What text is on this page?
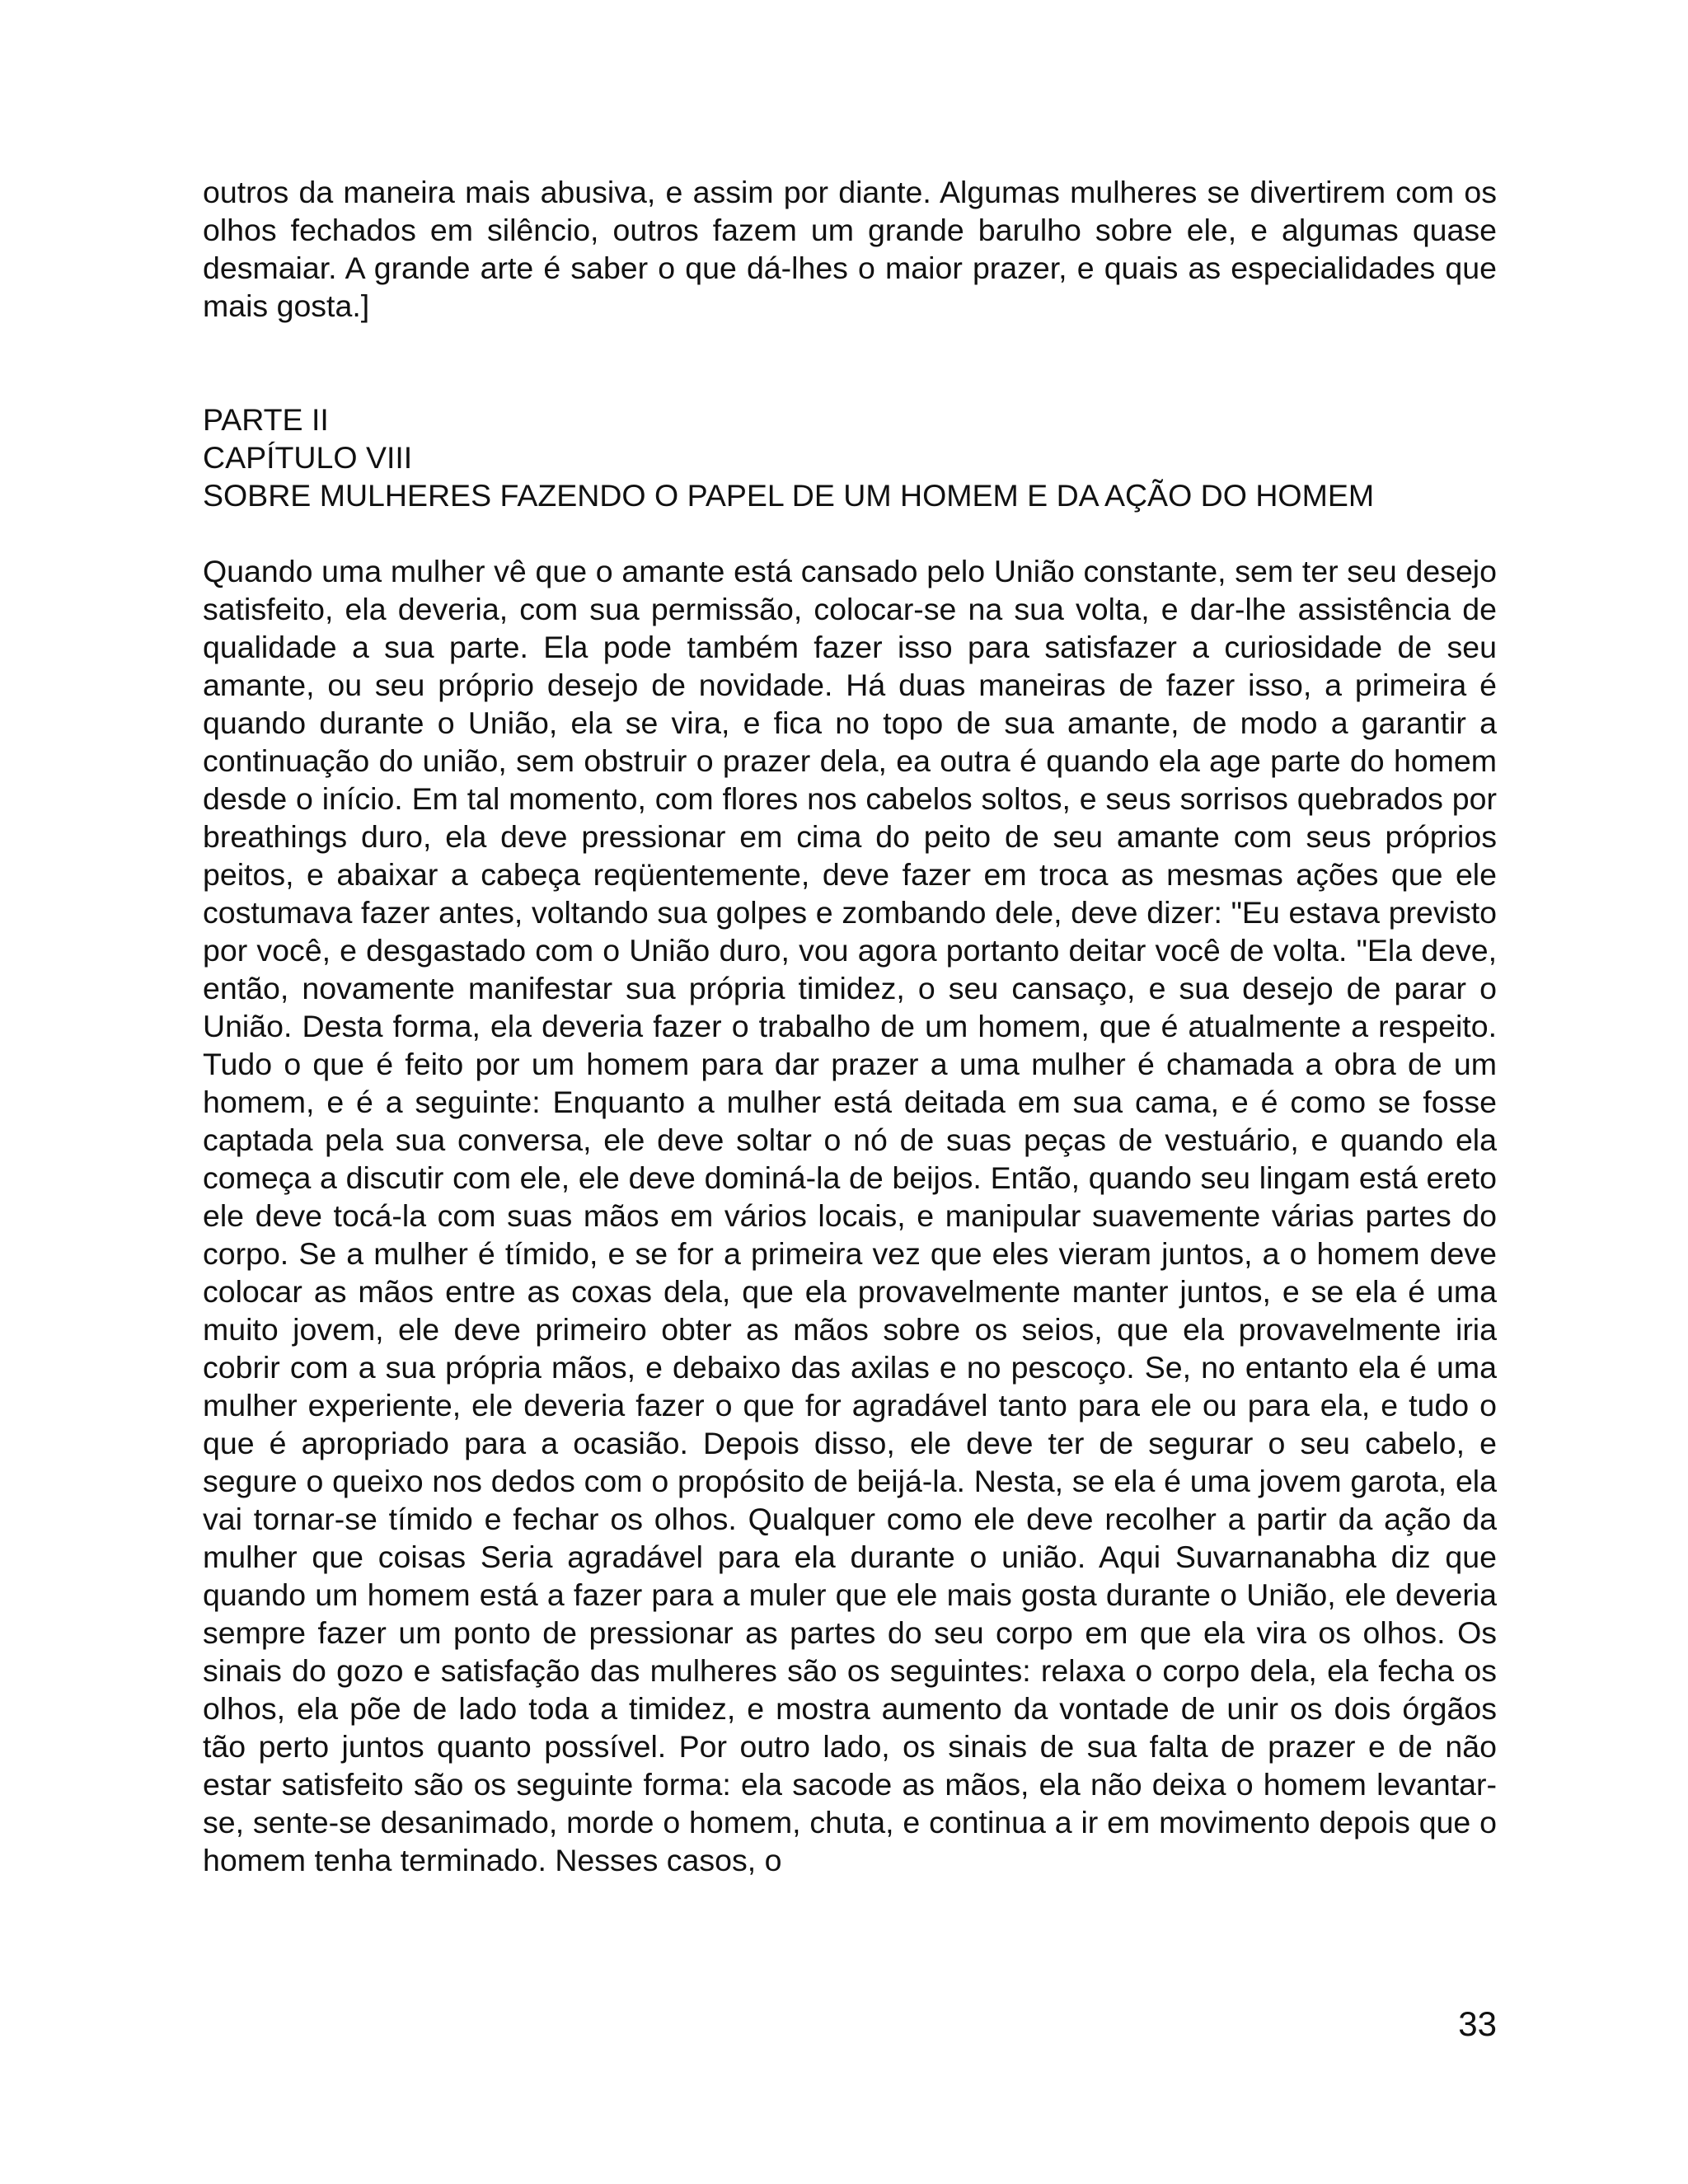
outros da maneira mais abusiva, e assim por diante. Algumas mulheres se divertirem com os olhos fechados em silêncio, outros fazem um grande barulho sobre ele, e algumas quase desmaiar. A grande arte é saber o que dá-lhes o maior prazer, e quais as especialidades que mais gosta.]

PARTE II
CAPÍTULO VIII
SOBRE MULHERES FAZENDO O PAPEL DE UM HOMEM E DA AÇÃO DO HOMEM

Quando uma mulher vê que o amante está cansado pelo União constante, sem ter seu desejo satisfeito, ela deveria, com sua permissão, colocar-se na sua volta, e dar-lhe assistência de qualidade a sua parte. Ela pode também fazer isso para satisfazer a curiosidade de seu amante, ou seu próprio desejo de novidade. Há duas maneiras de fazer isso, a primeira é quando durante o União, ela se vira, e fica no topo de sua amante, de modo a garantir a continuação do união, sem obstruir o prazer dela, ea outra é quando ela age parte do homem desde o início. Em tal momento, com flores nos cabelos soltos, e seus sorrisos quebrados por breathings duro, ela deve pressionar em cima do peito de seu amante com seus próprios peitos, e abaixar a cabeça reqüentemente, deve fazer em troca as mesmas ações que ele costumava fazer antes, voltando sua golpes e zombando dele, deve dizer: "Eu estava previsto por você, e desgastado com o União duro, vou agora portanto deitar você de volta. "Ela deve, então, novamente manifestar sua própria timidez, o seu cansaço, e sua desejo de parar o União. Desta forma, ela deveria fazer o trabalho de um homem, que é atualmente a respeito. Tudo o que é feito por um homem para dar prazer a uma mulher é chamada a obra de um homem, e é a seguinte: Enquanto a mulher está deitada em sua cama, e é como se fosse captada pela sua conversa, ele deve soltar o nó de suas peças de vestuário, e quando ela começa a discutir com ele, ele deve dominá-la de beijos. Então, quando seu lingam está ereto ele deve tocá-la com suas mãos em vários locais, e manipular suavemente várias partes do corpo. Se a mulher é tímido, e se for a primeira vez que eles vieram juntos, a o homem deve colocar as mãos entre as coxas dela, que ela provavelmente manter juntos, e se ela é uma muito jovem, ele deve primeiro obter as mãos sobre os seios, que ela provavelmente iria cobrir com a sua própria mãos, e debaixo das axilas e no pescoço. Se, no entanto ela é uma mulher experiente, ele deveria fazer o que for agradável tanto para ele ou para ela, e tudo o que é apropriado para a ocasião. Depois disso, ele deve ter de segurar o seu cabelo, e segure o queixo nos dedos com o propósito de beijá-la. Nesta, se ela é uma jovem garota, ela vai tornar-se tímido e fechar os olhos. Qualquer como ele deve recolher a partir da ação da mulher que coisas Seria agradável para ela durante o união. Aqui Suvarnanabha diz que quando um homem está a fazer para a muler que ele mais gosta durante o União, ele deveria sempre fazer um ponto de pressionar as partes do seu corpo em que ela vira os olhos. Os sinais do gozo e satisfação das mulheres são os seguintes: relaxa o corpo dela, ela fecha os olhos, ela põe de lado toda a timidez, e mostra aumento da vontade de unir os dois órgãos tão perto juntos quanto possível. Por outro lado, os sinais de sua falta de prazer e de não estar satisfeito são os seguinte forma: ela sacode as mãos, ela não deixa o homem levantar-se, sente-se desanimado, morde o homem, chuta, e continua a ir em movimento depois que o homem tenha terminado. Nesses casos, o

33
